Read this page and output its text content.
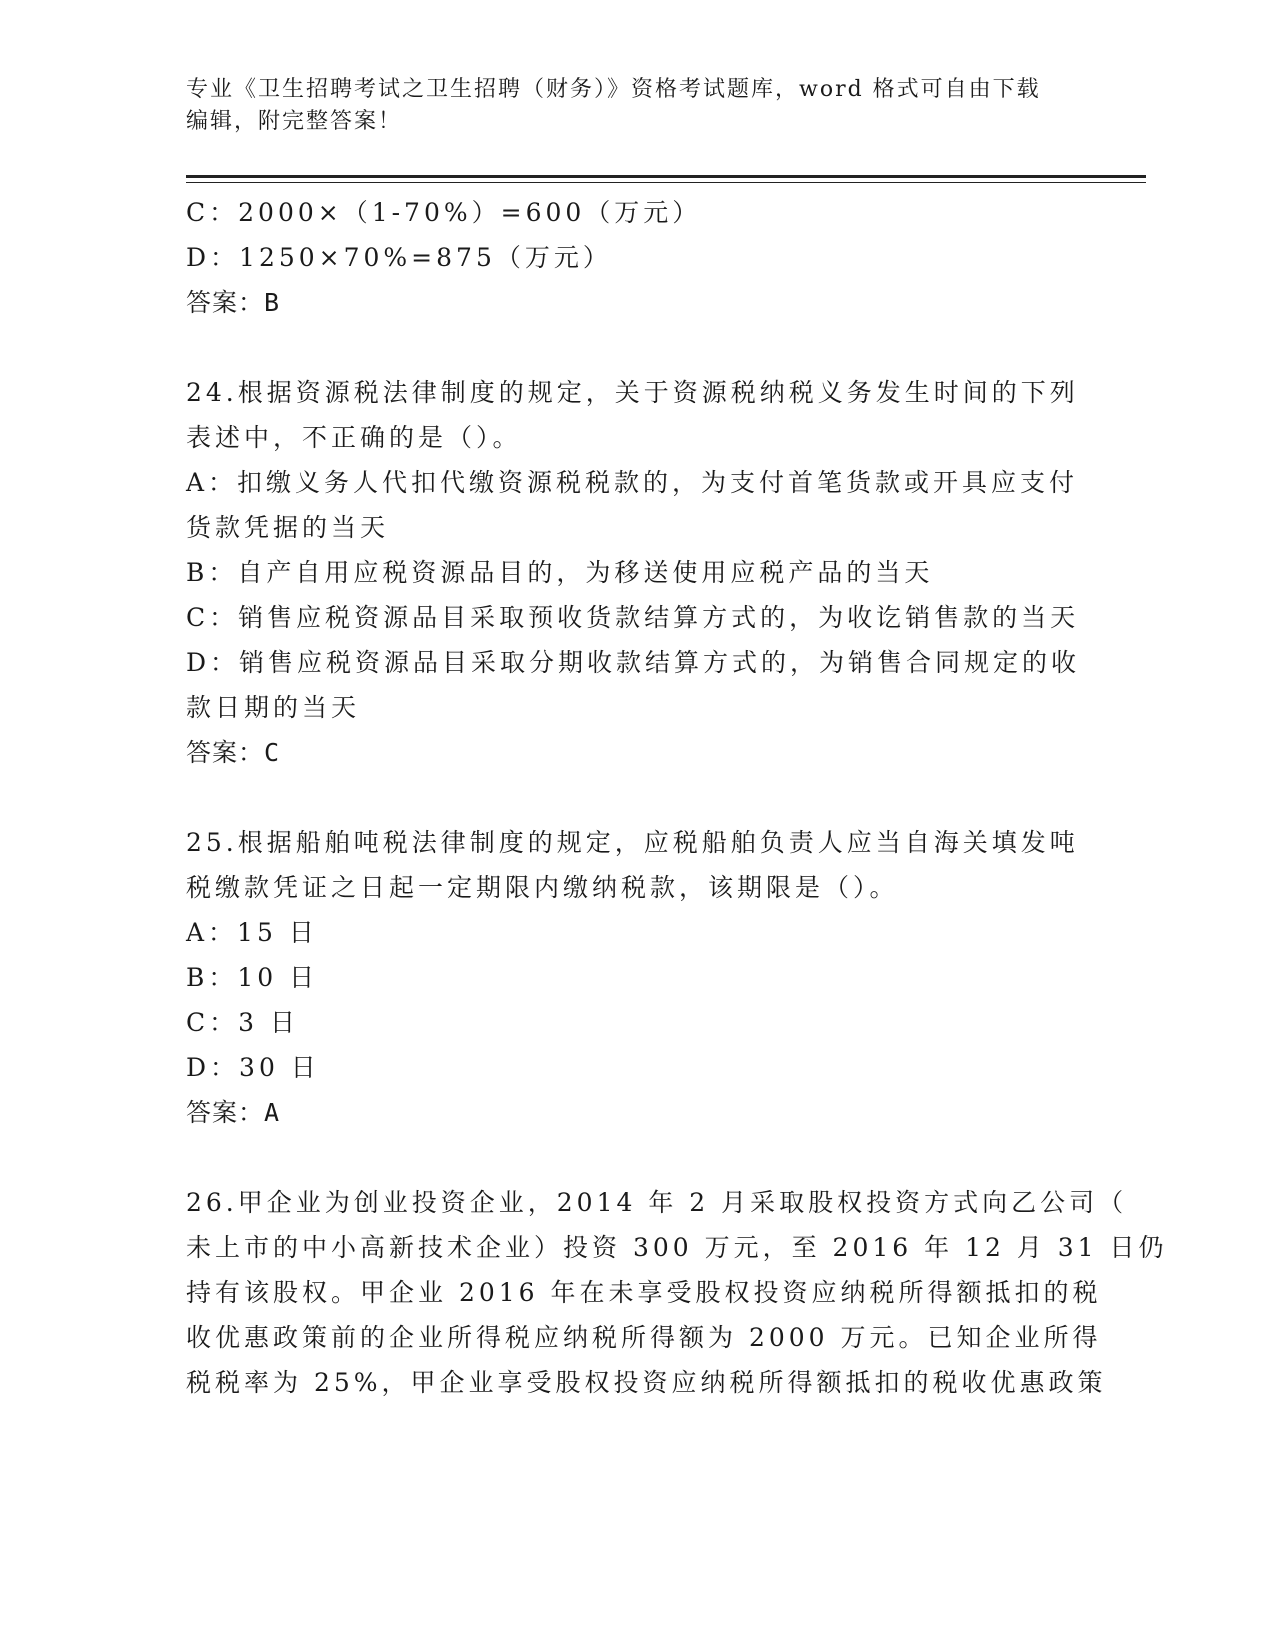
专业《卫生招聘考试之卫生招聘（财务）》资格考试题库，word 格式可自由下载
编辑，附完整答案！
C：2000×（1-70%）=600（万元）
D：1250×70%=875（万元）
答案：B
24.根据资源税法律制度的规定，关于资源税纳税义务发生时间的下列
表述中，不正确的是（）。
A：扣缴义务人代扣代缴资源税税款的，为支付首笔货款或开具应支付
货款凭据的当天
B：自产自用应税资源品目的，为移送使用应税产品的当天
C：销售应税资源品目采取预收货款结算方式的，为收讫销售款的当天
D：销售应税资源品目采取分期收款结算方式的，为销售合同规定的收
款日期的当天
答案：C
25.根据船舶吨税法律制度的规定，应税船舶负责人应当自海关填发吨
税缴款凭证之日起一定期限内缴纳税款，该期限是（）。
A：15 日
B：10 日
C：3 日
D：30 日
答案：A
26.甲企业为创业投资企业，2014 年 2 月采取股权投资方式向乙公司（
未上市的中小高新技术企业）投资 300 万元，至 2016 年 12 月 31 日仍
持有该股权。甲企业 2016 年在未享受股权投资应纳税所得额抵扣的税
收优惠政策前的企业所得税应纳税所得额为 2000 万元。已知企业所得
税税率为 25%，甲企业享受股权投资应纳税所得额抵扣的税收优惠政策
